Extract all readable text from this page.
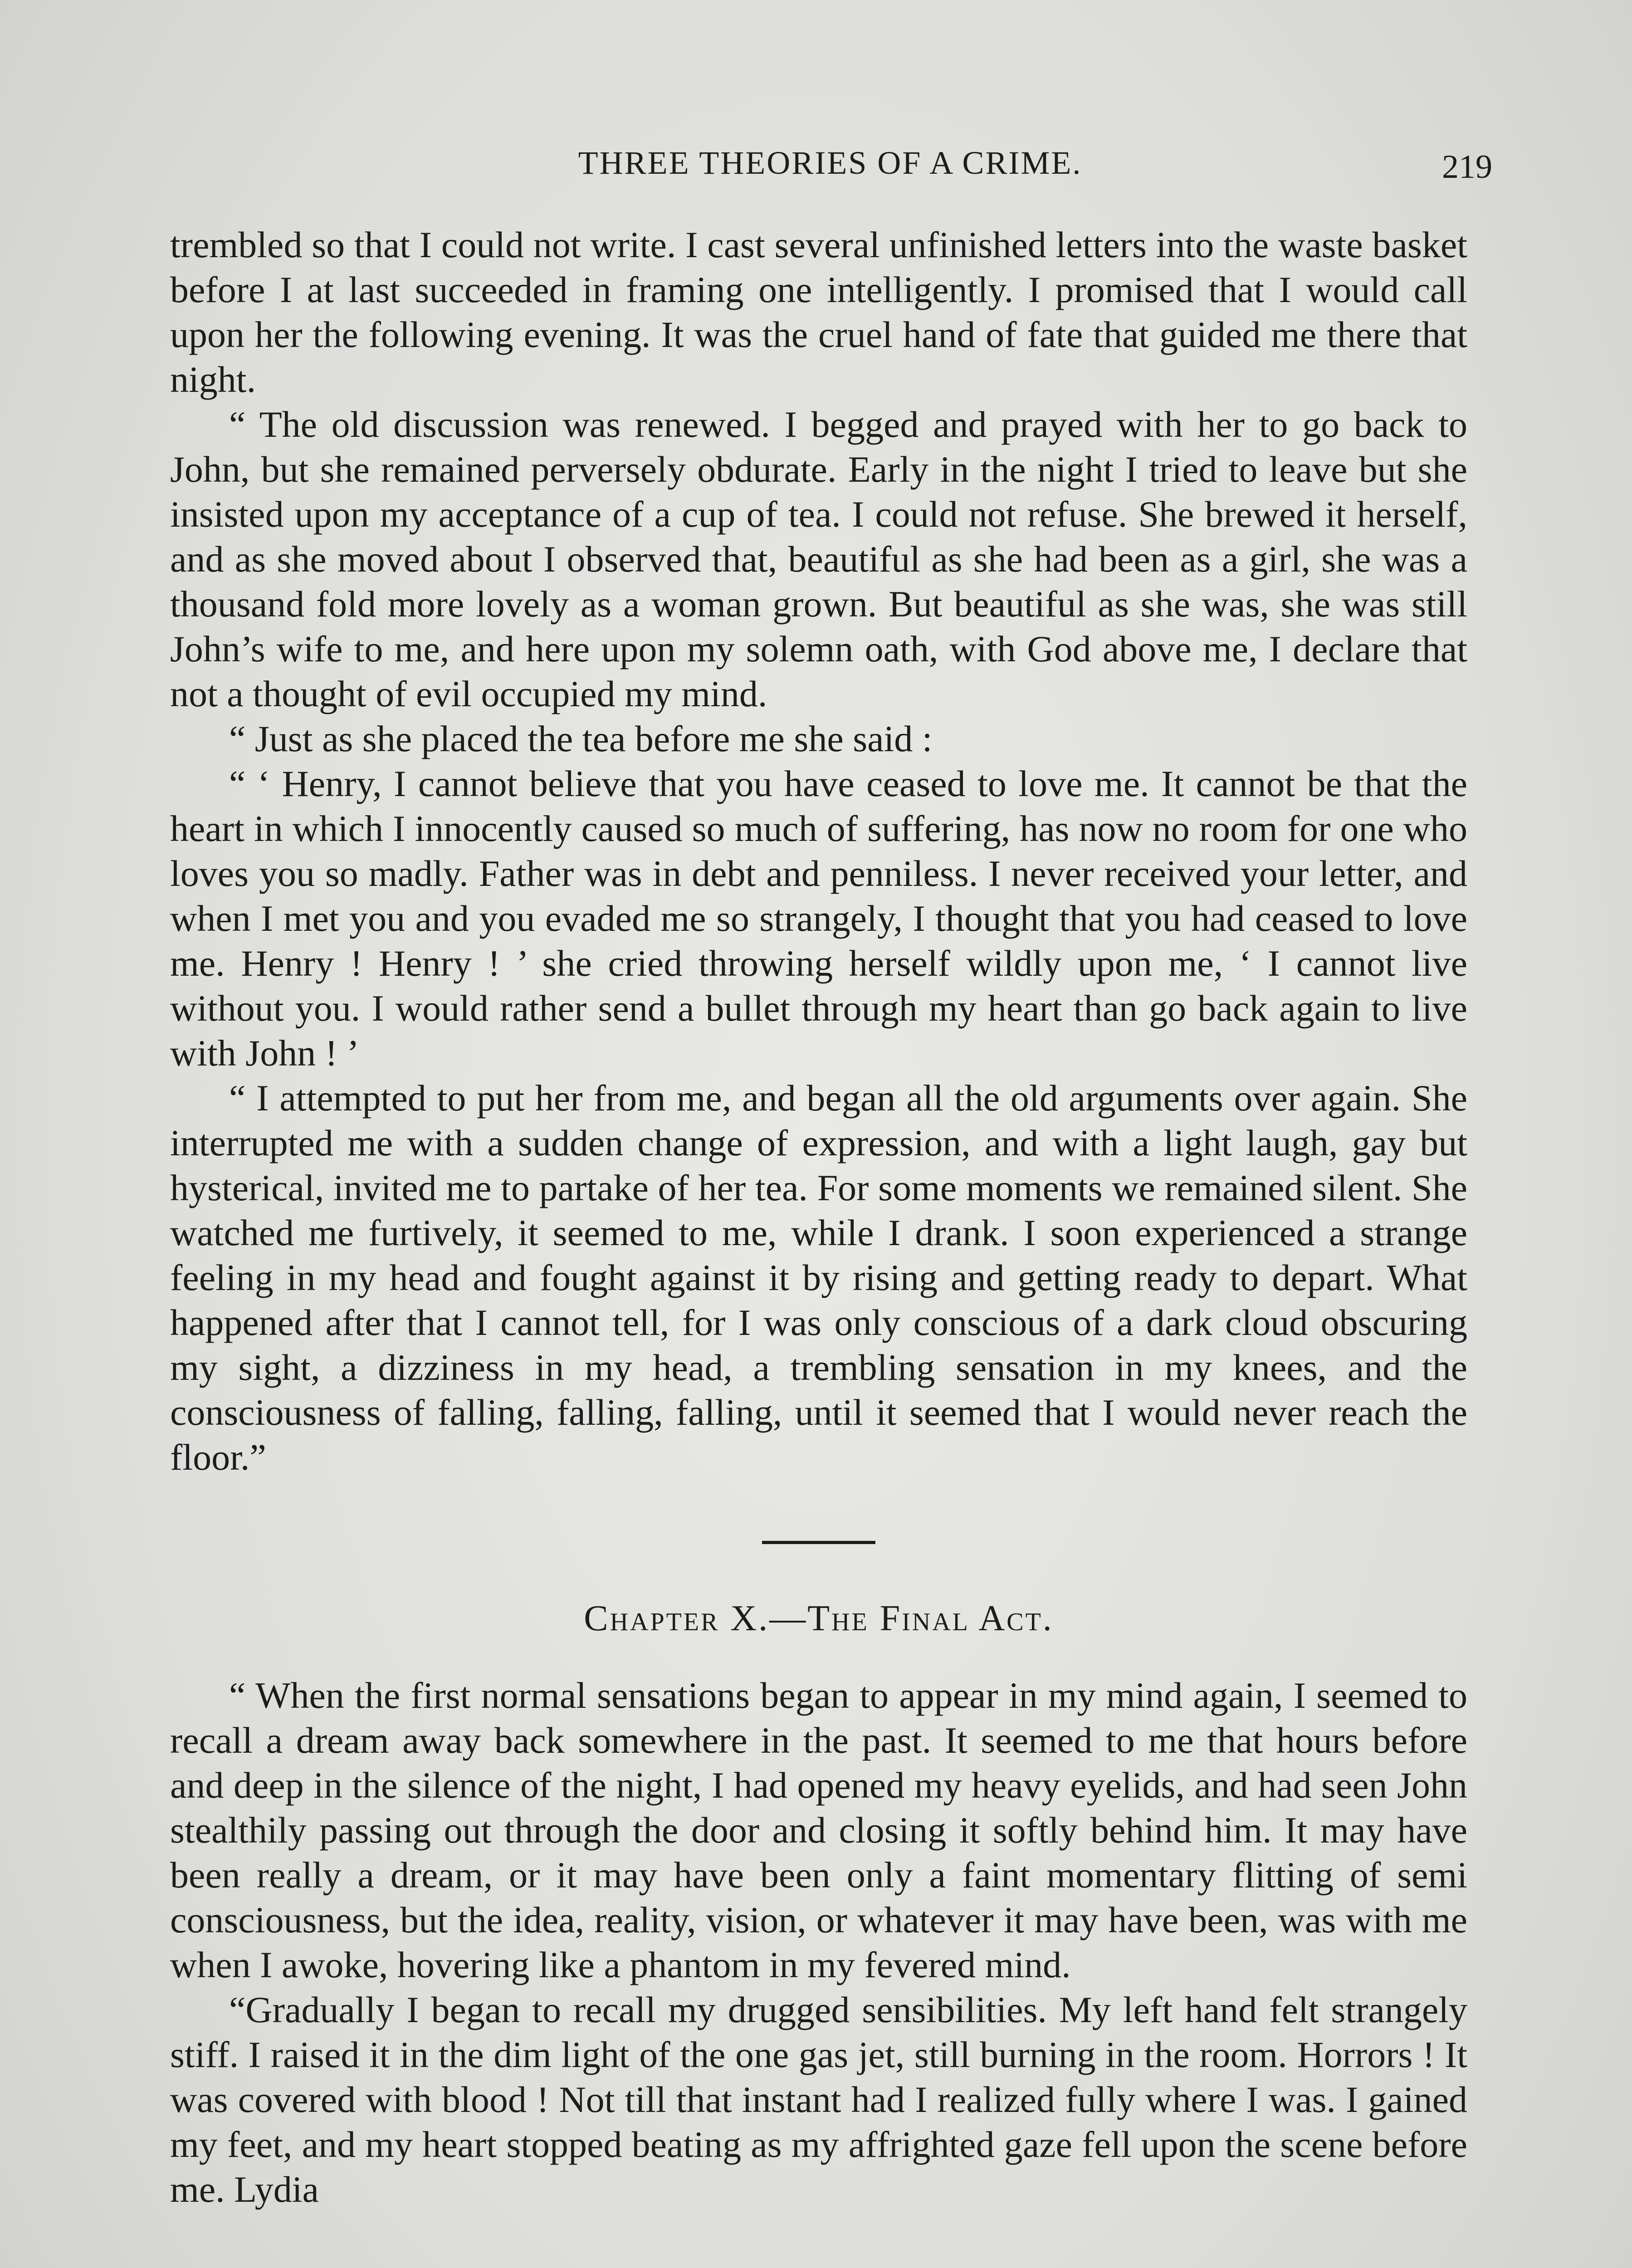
THREE THEORIES OF A CRIME.	219

trembled so that I could not write. I cast several unfinished letters into the waste basket before I at last succeeded in framing one intelligently. I promised that I would call upon her the following evening. It was the cruel hand of fate that guided me there that night.

“ The old discussion was renewed. I begged and prayed with her to go back to John, but she remained perversely obdurate. Early in the night I tried to leave but she insisted upon my acceptance of a cup of tea. I could not refuse. She brewed it herself, and as she moved about I observed that, beautiful as she had been as a girl, she was a thousand fold more lovely as a woman grown. But beautiful as she was, she was still John’s wife to me, and here upon my solemn oath, with God above me, I declare that not a thought of evil occupied my mind.

“ Just as she placed the tea before me she said :

“ ‘ Henry, I cannot believe that you have ceased to love me. It cannot be that the heart in which I innocently caused so much of suffering, has now no room for one who loves you so madly. Father was in debt and penniless. I never received your letter, and when I met you and you evaded me so strangely, I thought that you had ceased to love me. Henry ! Henry ! ’ she cried throwing herself wildly upon me, ‘ I cannot live without you. I would rather send a bullet through my heart than go back again to live with John ! ’

“ I attempted to put her from me, and began all the old arguments over again. She interrupted me with a sudden change of expression, and with a light laugh, gay but hysterical, invited me to partake of her tea. For some moments we remained silent. She watched me furtively, it seemed to me, while I drank. I soon experienced a strange feeling in my head and fought against it by rising and getting ready to depart. What happened after that I cannot tell, for I was only conscious of a dark cloud obscuring my sight, a dizziness in my head, a trembling sensation in my knees, and the consciousness of falling, falling, falling, until it seemed that I would never reach the floor.”

Chapter X.—The Final Act.

“ When the first normal sensations began to appear in my mind again, I seemed to recall a dream away back somewhere in the past. It seemed to me that hours before and deep in the silence of the night, I had opened my heavy eyelids, and had seen John stealthily passing out through the door and closing it softly behind him. It may have been really a dream, or it may have been only a faint momentary flitting of semi consciousness, but the idea, reality, vision, or whatever it may have been, was with me when I awoke, hovering like a phantom in my fevered mind.

“Gradually I began to recall my drugged sensibilities. My left hand felt strangely stiff. I raised it in the dim light of the one gas jet, still burning in the room. Horrors ! It was covered with blood ! Not till that instant had I realized fully where I was. I gained my feet, and my heart stopped beating as my affrighted gaze fell upon the scene before me. Lydia
